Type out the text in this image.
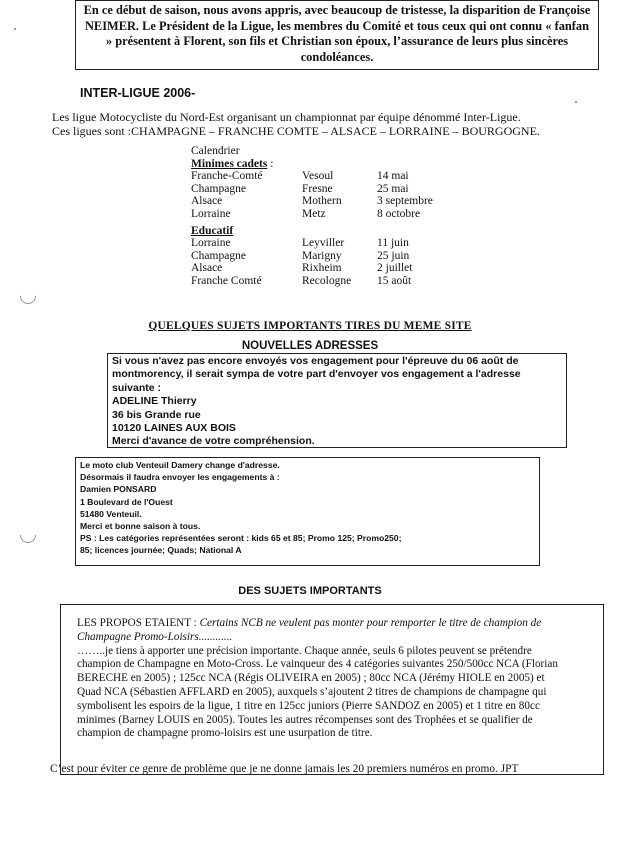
En ce début de saison, nous avons appris, avec beaucoup de tristesse, la disparition de Françoise NEIMER. Le Président de la Ligue, les membres du Comité et tous ceux qui ont connu « fanfan » présentent à Florent, son fils et Christian son époux, l’assurance de leurs plus sincères condoléances.
INTER-LIGUE 2006-
Les ligue Motocycliste du Nord-Est organisant un championnat par équipe dénommé Inter-Ligue.
Ces ligues sont :CHAMPAGNE – FRANCHE COMTE – ALSACE – LORRAINE – BOURGOGNE.
Calendrier
Minimes cadets :
Franche-Comté	Vesoul	14 mai
Champagne	Fresne	25 mai
Alsace	Mothern	3 septembre
Lorraine	Metz	8 octobre
Educatif
Lorraine	Leyviller	11 juin
Champagne	Marigny	25 juin
Alsace	Rixheim	2 juillet
Franche Comté	Recologne	15 août
QUELQUES SUJETS IMPORTANTS TIRES DU MEME SITE
NOUVELLES ADRESSES
Si vous n'avez pas encore envoyés vos engagement pour l'épreuve du 06 août de
montmorency, il serait sympa de votre part d'envoyer vos engagement a l'adresse
suivante :
ADELINE Thierry
36 bis Grande rue
10120 LAINES AUX BOIS
Merci d'avance de votre compréhension.
Le moto club Venteuil Damery change d'adresse.
Désormais il faudra envoyer les engagements à :
Damien PONSARD
1 Boulevard de l'Ouest
51480 Venteuil.
Merci et bonne saison à tous.
PS : Les catégories représentées seront : kids 65 et 85; Promo 125; Promo250;
85; licences journée; Quads; National A
DES SUJETS IMPORTANTS
LES PROPOS ETAIENT : Certains NCB ne veulent pas monter pour remporter le titre de champion de
Champagne Promo-Loisirs............
……..je tiens à apporter une précision importante. Chaque année, seuls 6 pilotes peuvent se prétendre
champion de Champagne en Moto-Cross. Le vainqueur des 4 catégories suivantes 250/500cc NCA (Florian
BERECHE en 2005) ; 125cc NCA (Régis OLIVEIRA en 2005) ; 80cc NCA (Jérémy HIOLE en 2005) et
Quad NCA (Sébastien AFFLARD en 2005), auxquels s’ajoutent 2 titres de champions de champagne qui
symbolisent les espoirs de la ligue, 1 titre en 125cc juniors (Pierre SANDOZ en 2005) et 1 titre en 80cc
minimes (Barney LOUIS en 2005). Toutes les autres récompenses sont des Trophées et se qualifier de
champion de champagne promo-loisirs est une usurpation de titre.
C’est pour éviter ce genre de problème que je ne donne jamais les 20 premiers numéros en promo. JPT
